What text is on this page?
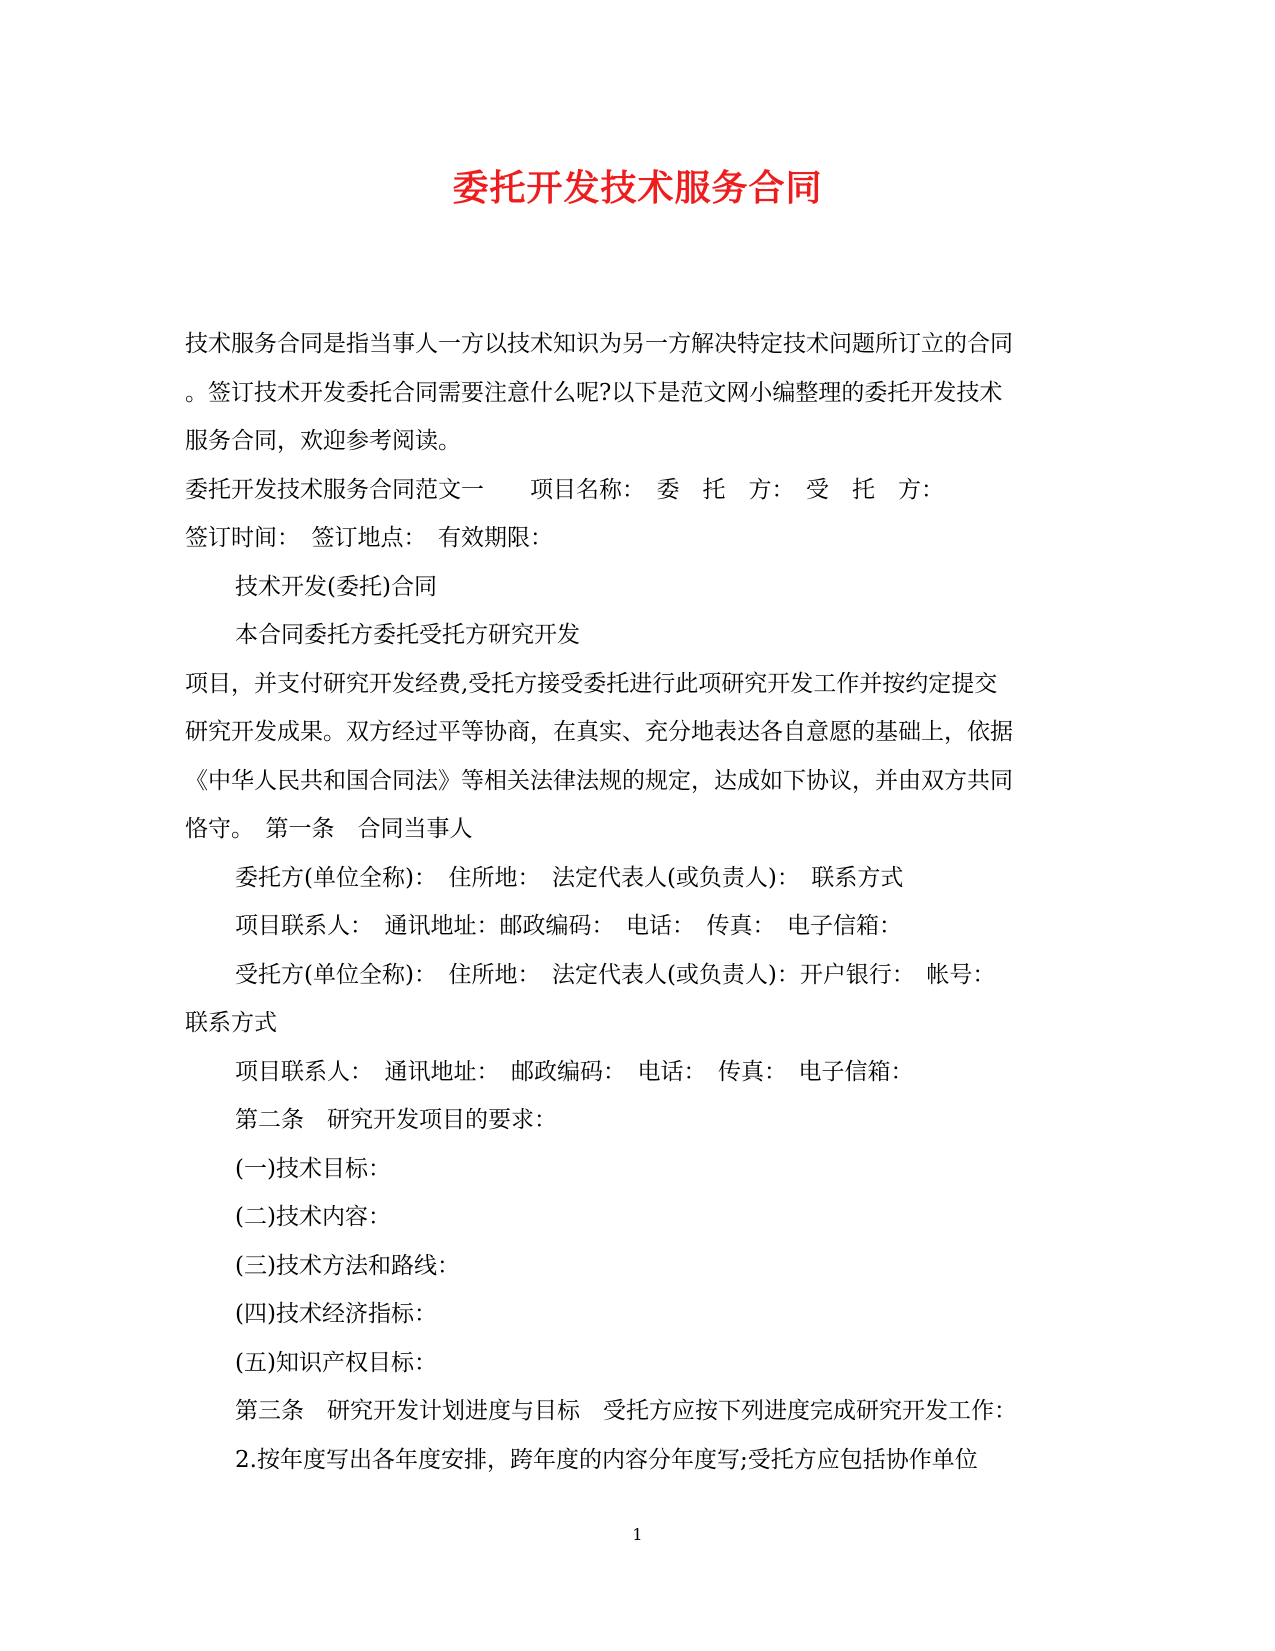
委托开发技术服务合同
技术服务合同是指当事人一方以技术知识为另一方解决特定技术问题所订立的合同
。签订技术开发委托合同需要注意什么呢?以下是范文网小编整理的委托开发技术
服务合同，欢迎参考阅读。
委托开发技术服务合同范文一　　项目名称：　委　托　方：　受　托　方：
签订时间：　签订地点：　有效期限：
技术开发(委托)合同
本合同委托方委托受托方研究开发
项目，并支付研究开发经费,受托方接受委托进行此项研究开发工作并按约定提交
研究开发成果。双方经过平等协商，在真实、充分地表达各自意愿的基础上，依据
《中华人民共和国合同法》等相关法律法规的规定，达成如下协议，并由双方共同
恪守。　第一条　合同当事人
委托方(单位全称)：　住所地：　法定代表人(或负责人)：　联系方式
项目联系人：　通讯地址：邮政编码：　电话：　传真：　电子信箱：
受托方(单位全称)：　住所地：　法定代表人(或负责人)：开户银行：　帐号：
联系方式
项目联系人：　通讯地址：　邮政编码：　电话：　传真：　电子信箱：
第二条　研究开发项目的要求：
(一)技术目标：
(二)技术内容：
(三)技术方法和路线：
(四)技术经济指标：
(五)知识产权目标：
第三条　研究开发计划进度与目标　受托方应按下列进度完成研究开发工作：
2.按年度写出各年度安排，跨年度的内容分年度写;受托方应包括协作单位
1
